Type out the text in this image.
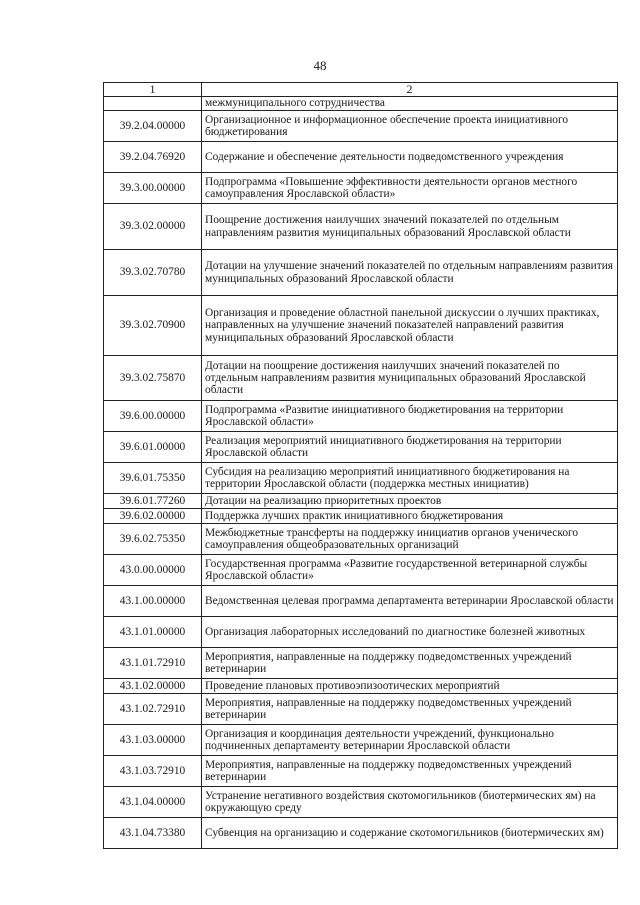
48
1	2
	межмуниципального сотрудничества
39.2.04.00000	Организационное и информационное обеспечение проекта инициативного бюджетирования
39.2.04.76920	Содержание и обеспечение деятельности подведомственного учреждения
39.3.00.00000	Подпрограмма «Повышение эффективности деятельности органов местного самоуправления Ярославской области»
39.3.02.00000	Поощрение достижения наилучших значений показателей по отдельным направлениям развития муниципальных образований Ярославской области
39.3.02.70780	Дотации на улучшение значений показателей по отдельным направлениям развития муниципальных образований Ярославской области
39.3.02.70900	Организация и проведение областной панельной дискуссии о лучших практиках, направленных на улучшение значений показателей направлений развития муниципальных образований Ярославской области
39.3.02.75870	Дотации на поощрение достижения наилучших значений показателей по отдельным направлениям развития муниципальных образований Ярославской области
39.6.00.00000	Подпрограмма «Развитие инициативного бюджетирования на территории Ярославской области»
39.6.01.00000	Реализация мероприятий инициативного бюджетирования на территории Ярославской области
39.6.01.75350	Субсидия на реализацию мероприятий инициативного бюджетирования на территории Ярославской области (поддержка местных инициатив)
39.6.01.77260	Дотации на реализацию приоритетных проектов
39.6.02.00000	Поддержка лучших практик инициативного бюджетирования
39.6.02.75350	Межбюджетные трансферты на поддержку инициатив органов ученического самоуправления общеобразовательных организаций
43.0.00.00000	Государственная программа «Развитие государственной ветеринарной службы Ярославской области»
43.1.00.00000	Ведомственная целевая программа департамента ветеринарии Ярославской области
43.1.01.00000	Организация лабораторных исследований по диагностике болезней животных
43.1.01.72910	Мероприятия, направленные на поддержку подведомственных учреждений ветеринарии
43.1.02.00000	Проведение плановых противоэпизоотических мероприятий
43.1.02.72910	Мероприятия, направленные на поддержку подведомственных учреждений ветеринарии
43.1.03.00000	Организация и координация деятельности учреждений, функционально подчиненных департаменту ветеринарии Ярославской области
43.1.03.72910	Мероприятия, направленные на поддержку подведомственных учреждений ветеринарии
43.1.04.00000	Устранение негативного воздействия скотомогильников (биотермических ям) на окружающую среду
43.1.04.73380	Субвенция на организацию и содержание скотомогильников (биотермических ям)
